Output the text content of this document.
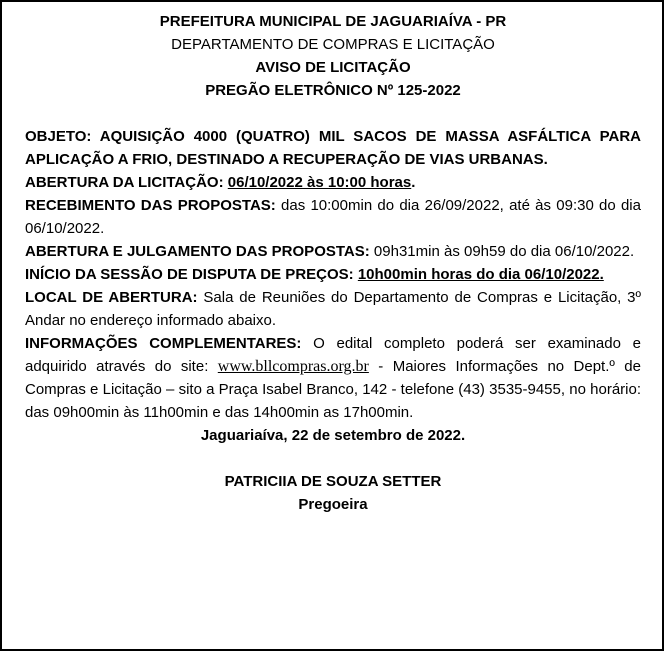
PREFEITURA MUNICIPAL DE JAGUARIAÍVA - PR

DEPARTAMENTO DE COMPRAS E LICITAÇÃO

AVISO DE LICITAÇÃO

PREGÃO ELETRÔNICO Nº 125-2022

OBJETO: AQUISIÇÃO 4000 (QUATRO) MIL SACOS DE MASSA ASFÁLTICA PARA APLICAÇÃO A FRIO, DESTINADO A RECUPERAÇÃO DE VIAS URBANAS.

ABERTURA DA LICITAÇÃO: 06/10/2022 às 10:00 horas.

RECEBIMENTO DAS PROPOSTAS: das 10:00min do dia 26/09/2022, até às 09:30 do dia 06/10/2022.

ABERTURA E JULGAMENTO DAS PROPOSTAS: 09h31min às 09h59 do dia 06/10/2022.

INÍCIO DA SESSÃO DE DISPUTA DE PREÇOS: 10h00min horas do dia 06/10/2022.

LOCAL DE ABERTURA: Sala de Reuniões do Departamento de Compras e Licitação, 3º Andar no endereço informado abaixo.

INFORMAÇÕES COMPLEMENTARES: O edital completo poderá ser examinado e adquirido através do site: www.bllcompras.org.br - Maiores Informações no Dept.º de Compras e Licitação – sito a Praça Isabel Branco, 142 - telefone (43) 3535-9455, no horário: das 09h00min às 11h00min e das 14h00min as 17h00min.

Jaguariaíva, 22 de setembro de 2022.

PATRICIIA DE SOUZA SETTER

Pregoeira
